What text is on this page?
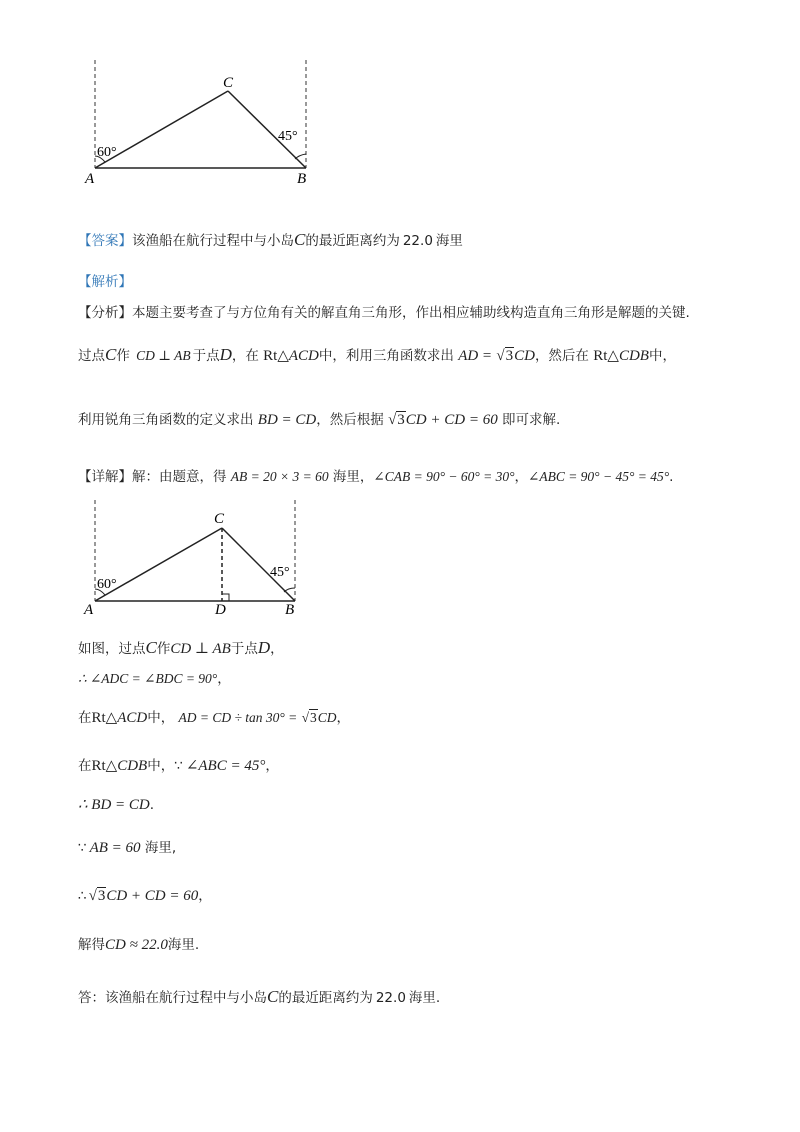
A	B
C
60°
45°
【答案】该渔船在航行过程中与小岛C的最近距离约为 22.0 海里
【解析】
【分析】本题主要考查了与方位角有关的解直角三角形，作出相应辅助线构造直角三角形是解题的关键.
过点C作 CD ⊥ AB 于点D，在 Rt△ACD中，利用三角函数求出 AD = √3CD，然后在 Rt△CDB中，
利用锐角三角函数的定义求出 BD = CD，然后根据 √3CD + CD = 60 即可求解.
【详解】解：由题意，得 AB = 20 × 3 = 60 海里，∠CAB = 90° − 60° = 30°，∠ABC = 90° − 45° = 45°.
A	B
C
D
60°
45°
如图，过点C作CD ⊥ AB于点D，
∴ ∠ADC = ∠BDC = 90°，
在Rt△ACD中， AD = CD ÷ tan 30° = √3CD，
在Rt△CDB中，∵ ∠ABC = 45°，
∴ BD = CD.
∵ AB = 60 海里,
∴ √3CD + CD = 60，
解得CD ≈ 22.0海里.
答：该渔船在航行过程中与小岛C的最近距离约为 22.0 海里.
